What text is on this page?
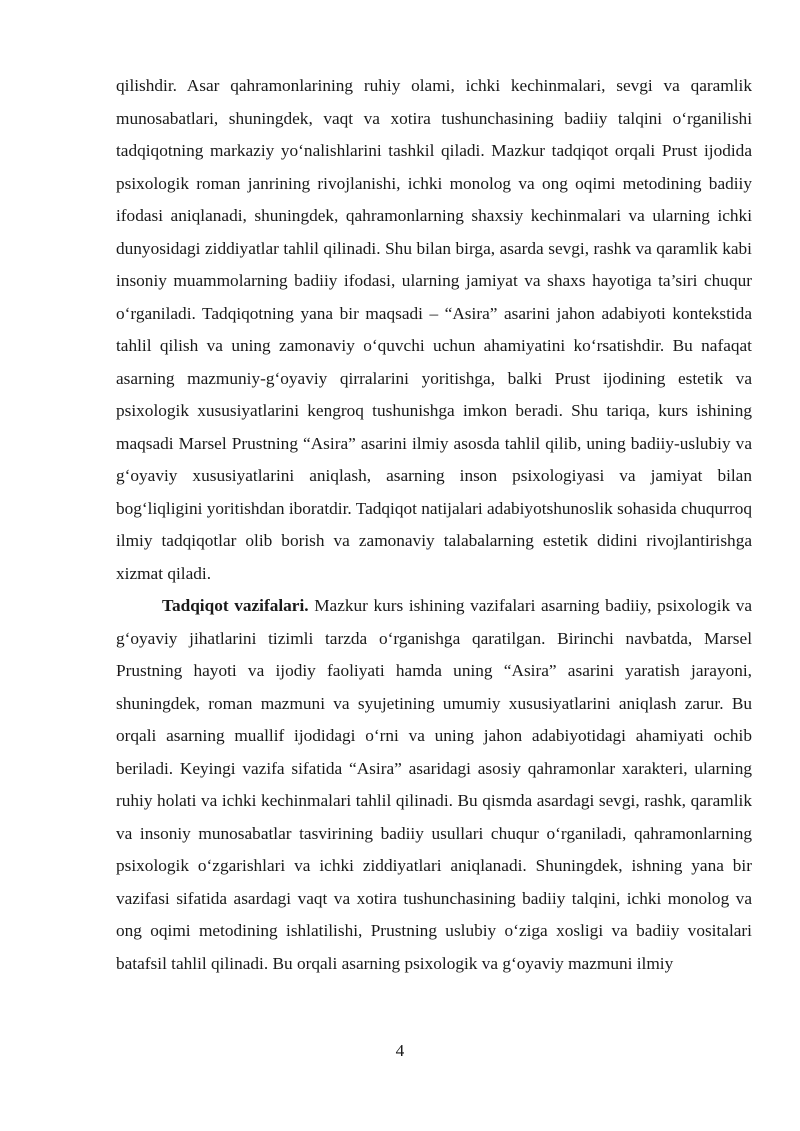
qilishdir. Asar qahramonlarining ruhiy olami, ichki kechinmalari, sevgi va qaramlik munosabatlari, shuningdek, vaqt va xotira tushunchasining badiiy talqini o‘rganilishi tadqiqotning markaziy yo‘nalishlarini tashkil qiladi. Mazkur tadqiqot orqali Prust ijodida psixologik roman janrining rivojlanishi, ichki monolog va ong oqimi metodining badiiy ifodasi aniqlanadi, shuningdek, qahramonlarning shaxsiy kechinmalari va ularning ichki dunyosidagi ziddiyatlar tahlil qilinadi. Shu bilan birga, asarda sevgi, rashk va qaramlik kabi insoniy muammolarning badiiy ifodasi, ularning jamiyat va shaxs hayotiga ta’siri chuqur o‘rganiladi. Tadqiqotning yana bir maqsadi – “Asira” asarini jahon adabiyoti kontekstida tahlil qilish va uning zamonaviy o‘quvchi uchun ahamiyatini ko‘rsatishdir. Bu nafaqat asarning mazmuniy-g‘oyaviy qirralarini yoritishga, balki Prust ijodining estetik va psixologik xususiyatlarini kengroq tushunishga imkon beradi. Shu tariqa, kurs ishining maqsadi Marsel Prustning “Asira” asarini ilmiy asosda tahlil qilib, uning badiiy-uslubiy va g‘oyaviy xususiyatlarini aniqlash, asarning inson psixologiyasi va jamiyat bilan bog‘liqligini yoritishdan iboratdir. Tadqiqot natijalari adabiyotshunoslik sohasida chuqurroq ilmiy tadqiqotlar olib borish va zamonaviy talabalarning estetik didini rivojlantirishga xizmat qiladi.

Tadqiqot vazifalari. Mazkur kurs ishining vazifalari asarning badiiy, psixologik va g‘oyaviy jihatlarini tizimli tarzda o‘rganishga qaratilgan. Birinchi navbatda, Marsel Prustning hayoti va ijodiy faoliyati hamda uning “Asira” asarini yaratish jarayoni, shuningdek, roman mazmuni va syujetining umumiy xususiyatlarini aniqlash zarur. Bu orqali asarning muallif ijodidagi o‘rni va uning jahon adabiyotidagi ahamiyati ochib beriladi. Keyingi vazifa sifatida “Asira” asaridagi asosiy qahramonlar xarakteri, ularning ruhiy holati va ichki kechinmalari tahlil qilinadi. Bu qismda asardagi sevgi, rashk, qaramlik va insoniy munosabatlar tasvirining badiiy usullari chuqur o‘rganiladi, qahramonlarning psixologik o‘zgarishlari va ichki ziddiyatlari aniqlanadi. Shuningdek, ishning yana bir vazifasi sifatida asardagi vaqt va xotira tushunchasining badiiy talqini, ichki monolog va ong oqimi metodining ishlatilishi, Prustning uslubiy o‘ziga xosligi va badiiy vositalari batafsil tahlil qilinadi. Bu orqali asarning psixologik va g‘oyaviy mazmuni ilmiy

4
